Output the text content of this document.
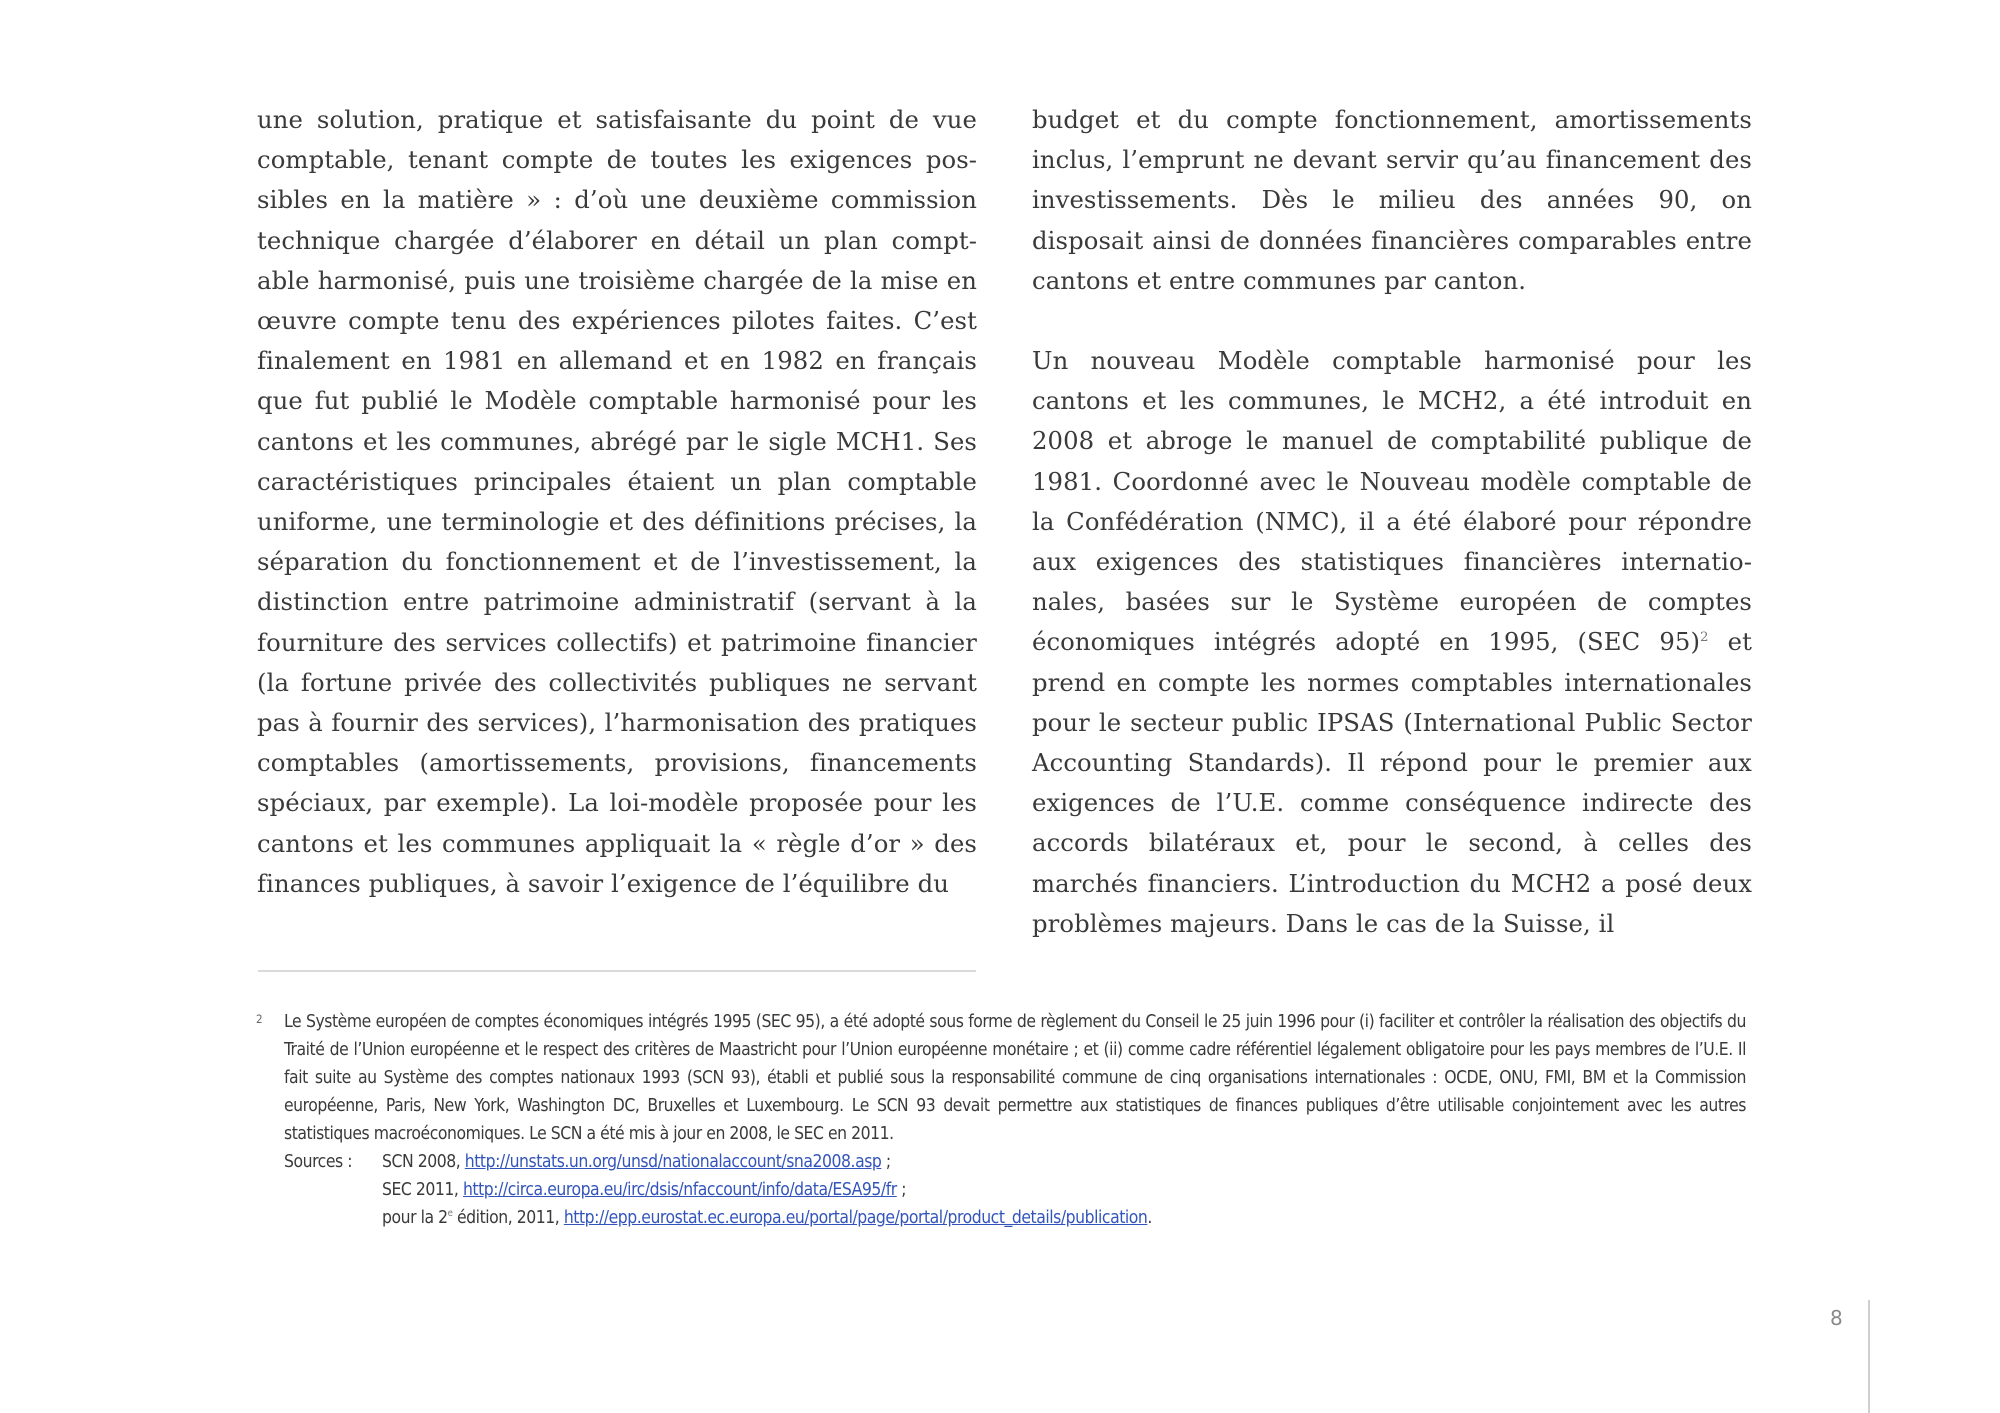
une solution, pratique et satisfaisante du point de vue comptable, tenant compte de toutes les exigences possibles en la matière » : d’où une deuxième commission technique chargée d’élaborer en détail un plan comptable harmonisé, puis une troisième chargée de la mise en œuvre compte tenu des expériences pilotes faites. C’est finalement en 1981 en allemand et en 1982 en français que fut publié le Modèle comptable harmonisé pour les cantons et les communes, abrégé par le sigle MCH1. Ses caractéristiques principales étaient un plan comptable uniforme, une terminologie et des définitions précises, la séparation du fonctionnement et de l’investissement, la distinction entre patrimoine administratif (servant à la fourniture des services collectifs) et patrimoine financier (la fortune privée des collectivités publiques ne servant pas à fournir des services), l’harmonisation des pratiques comptables (amortissements, provisions, financements spéciaux, par exemple). La loi-modèle proposée pour les cantons et les communes appliquait la « règle d’or » des finances publiques, à savoir l’exigence de l’équilibre du

budget et du compte fonctionnement, amortissements inclus, l’emprunt ne devant servir qu’au financement des investissements. Dès le milieu des années 90, on disposait ainsi de données financières comparables entre cantons et entre communes par canton.

Un nouveau Modèle comptable harmonisé pour les cantons et les communes, le MCH2, a été introduit en 2008 et abroge le manuel de comptabilité publique de 1981. Coordonné avec le Nouveau modèle comptable de la Confédération (NMC), il a été élaboré pour répondre aux exigences des statistiques financières internationales, basées sur le Système européen de comptes économiques intégrés adopté en 1995, (SEC 95)$^2$ et prend en compte les normes comptables internationales pour le secteur public IPSAS (International Public Sector Accounting Standards). Il répond pour le premier aux exigences de l’U.E. comme conséquence indirecte des accords bilatéraux et, pour le second, à celles des marchés financiers. L’introduction du MCH2 a posé deux problèmes majeurs. Dans le cas de la Suisse, il

2 Le Système européen de comptes économiques intégrés 1995 (SEC 95), a été adopté sous forme de règlement du Conseil le 25 juin 1996 pour (i) faciliter et contrôler la réalisation des objectifs du Traité de l’Union européenne et le respect des critères de Maastricht pour l’Union européenne monétaire ; et (ii) comme cadre référentiel légalement obligatoire pour les pays membres de l’U.E. Il fait suite au Système des comptes nationaux 1993 (SCN 93), établi et publié sous la responsabilité commune de cinq organisations internationales : OCDE, ONU, FMI, BM et la Commission européenne, Paris, New York, Washington DC, Bruxelles et Luxembourg. Le SCN 93 devait permettre aux statistiques de finances publiques d’être utilisable conjointement avec les autres statistiques macroéconomiques. Le SCN a été mis à jour en 2008, le SEC en 2011.
Sources : SCN 2008, http://unstats.un.org/unsd/nationalaccount/sna2008.asp ;
SEC 2011, http://circa.europa.eu/irc/dsis/nfaccount/info/data/ESA95/fr ;
pour la 2e édition, 2011, http://epp.eurostat.ec.europa.eu/portal/page/portal/product_details/publication.
8
